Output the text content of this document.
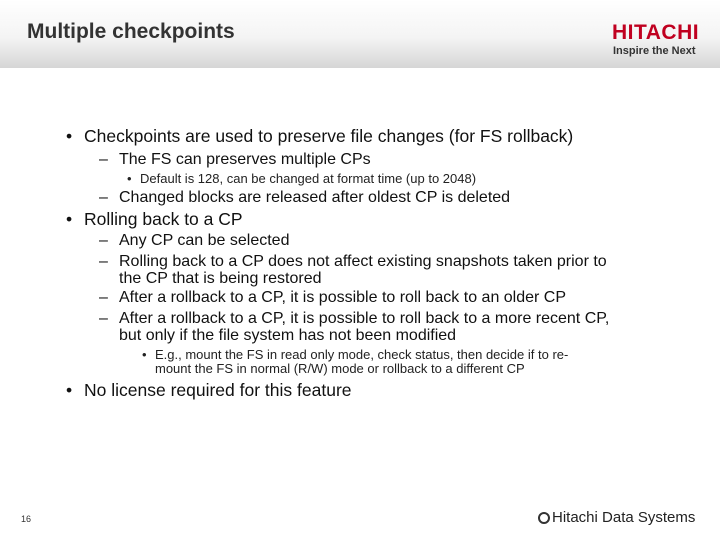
Multiple checkpoints	HITACHI
Inspire the Next
• Checkpoints are used to preserve file changes (for FS rollback)
– The FS can preserves multiple CPs
• Default is 128, can be changed at format time (up to 2048)
– Changed blocks are released after oldest CP is deleted
• Rolling back to a CP
– Any CP can be selected
– Rolling back to a CP does not affect existing snapshots taken prior to
the CP that is being restored
– After a rollback to a CP, it is possible to roll back to an older CP
– After a rollback to a CP, it is possible to roll back to a more recent CP,
but only if the file system has not been modified
• E.g., mount the FS in read only mode, check status, then decide if to re-
mount the FS in normal (R/W) mode or rollback to a different CP
• No license required for this feature
16	Hitachi Data Systems
